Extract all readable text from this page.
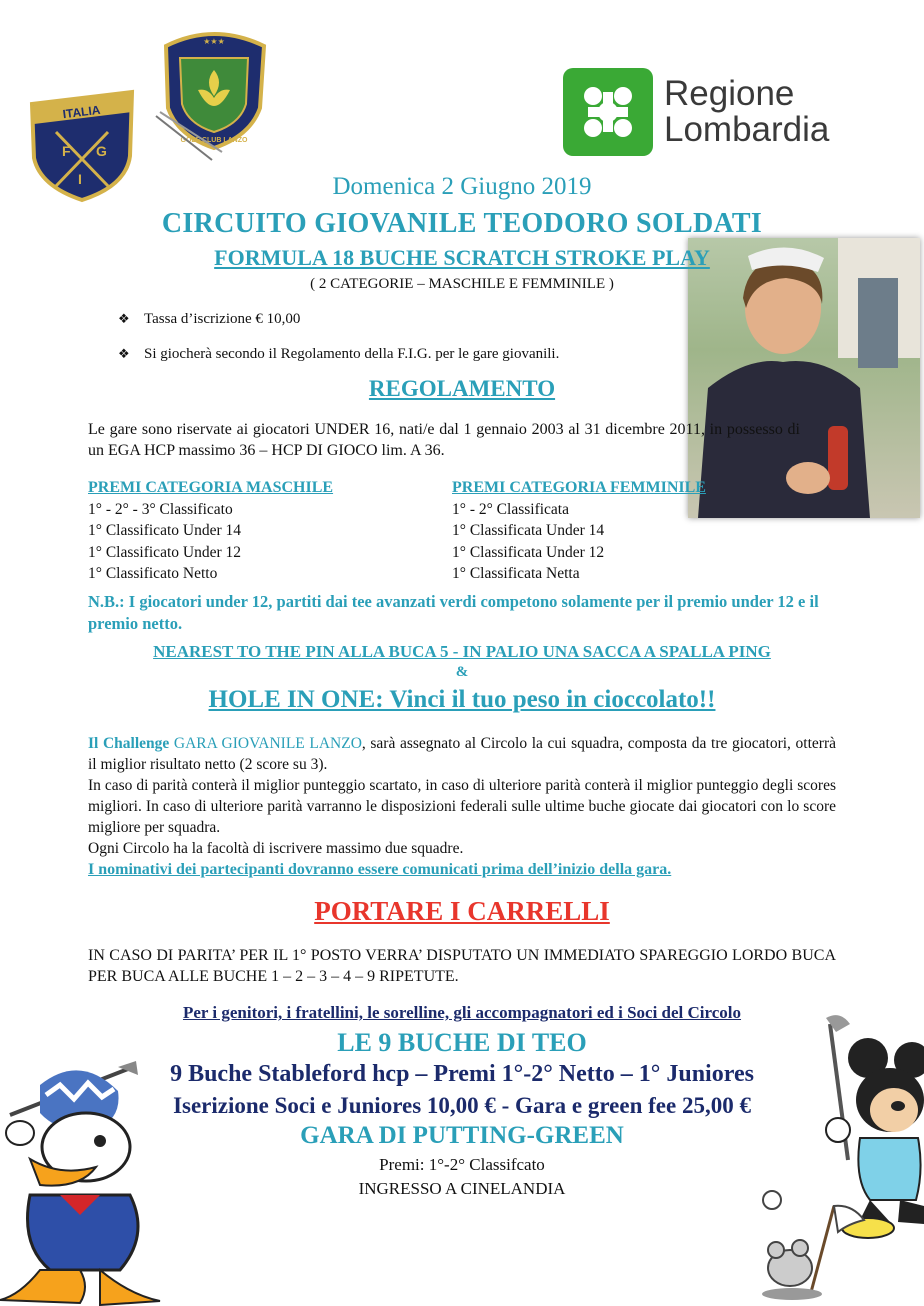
ITALIA
F
I
G
★★★
GOLF CLUB LANZO
Regione
Lombardia
Domenica 2 Giugno 2019
CIRCUITO GIOVANILE TEODORO SOLDATI
FORMULA 18 BUCHE SCRATCH STROKE PLAY
( 2 CATEGORIE – MASCHILE E FEMMINILE )
❖ Tassa d’iscrizione € 10,00
❖ Si giocherà secondo il Regolamento della F.I.G. per le gare giovanili.
REGOLAMENTO
Le gare sono riservate ai giocatori UNDER 16, nati/e dal 1 gennaio 2003 al 31 dicembre 2011, in possesso di un EGA HCP massimo 36 – HCP DI GIOCO lim. A 36.
PREMI CATEGORIA MASCHILE
1° - 2° - 3° Classificato
1° Classificato Under 14
1° Classificato Under 12
1° Classificato Netto
PREMI CATEGORIA FEMMINILE
1° - 2° Classificata
1° Classificata Under 14
1° Classificata Under 12
1° Classificata Netta
N.B.: I giocatori under 12, partiti dai tee avanzati verdi competono solamente per il premio under 12 e il premio netto.
NEAREST TO THE PIN ALLA BUCA 5 - IN PALIO UNA SACCA A SPALLA PING
&
HOLE IN ONE: Vinci il tuo peso in cioccolato!!
Il Challenge GARA GIOVANILE LANZO, sarà assegnato al Circolo la cui squadra, composta da tre giocatori, otterrà il miglior risultato netto (2 score su 3).
In caso di parità conterà il miglior punteggio scartato, in caso di ulteriore parità conterà il miglior punteggio degli scores migliori. In caso di ulteriore parità varranno le disposizioni federali sulle ultime buche giocate dai giocatori con lo score migliore per squadra.
Ogni Circolo ha la facoltà di iscrivere massimo due squadre.
I nominativi dei partecipanti dovranno essere comunicati prima dell’inizio della gara.
PORTARE I CARRELLI
IN CASO DI PARITA’ PER IL 1° POSTO VERRA’ DISPUTATO UN IMMEDIATO SPAREGGIO LORDO BUCA PER BUCA ALLE BUCHE 1 – 2 – 3 – 4 – 9 RIPETUTE.
Per i genitori, i fratellini, le sorelline, gli accompagnatori ed i Soci del Circolo
LE 9 BUCHE DI TEO
9 Buche Stableford hcp – Premi 1°-2° Netto – 1° Juniores
Iserizione Soci e Juniores 10,00 € - Gara e green fee 25,00 €
GARA DI PUTTING-GREEN
Premi: 1°-2° Classifcato
INGRESSO A CINELANDIA
